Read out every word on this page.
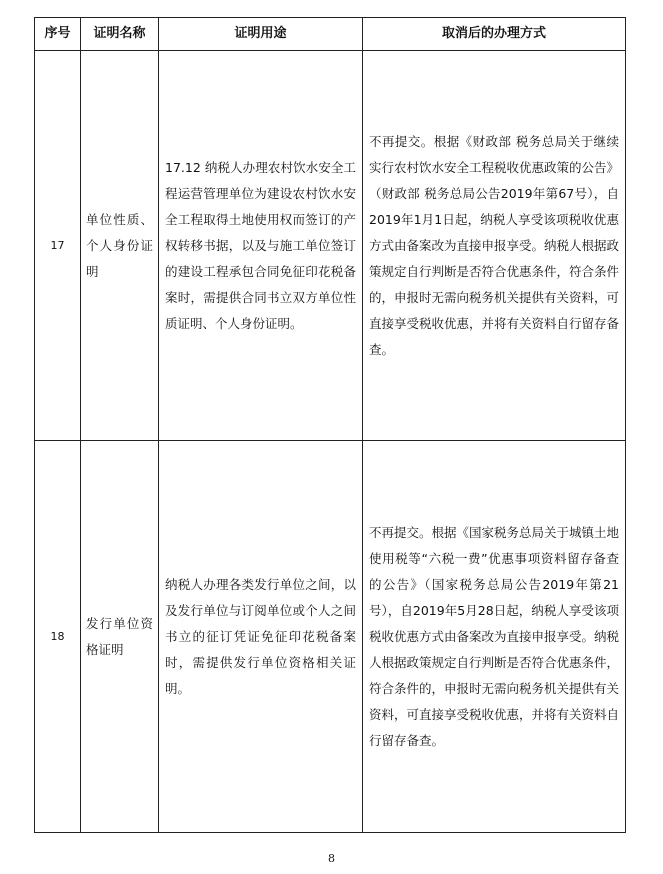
序号	证明名称	证明用途	取消后的办理方式
17	单位性质、个人身份证明	17.12 纳税人办理农村饮水安全工程运营管理单位为建设农村饮水安全工程取得土地使用权而签订的产权转移书据，以及与施工单位签订的建设工程承包合同免征印花税备案时，需提供合同书立双方单位性质证明、个人身份证明。	不再提交。根据《财政部 税务总局关于继续实行农村饮水安全工程税收优惠政策的公告》（财政部 税务总局公告2019年第67号），自2019年1月1日起，纳税人享受该项税收优惠方式由备案改为直接申报享受。纳税人根据政策规定自行判断是否符合优惠条件，符合条件的，申报时无需向税务机关提供有关资料，可直接享受税收优惠，并将有关资料自行留存备查。
18	发行单位资格证明	纳税人办理各类发行单位之间，以及发行单位与订阅单位或个人之间书立的征订凭证免征印花税备案时，需提供发行单位资格相关证明。	不再提交。根据《国家税务总局关于城镇土地使用税等“六税一费”优惠事项资料留存备查的公告》（国家税务总局公告2019年第21号），自2019年5月28日起，纳税人享受该项税收优惠方式由备案改为直接申报享受。纳税人根据政策规定自行判断是否符合优惠条件，符合条件的，申报时无需向税务机关提供有关资料，可直接享受税收优惠，并将有关资料自行留存备查。
8
